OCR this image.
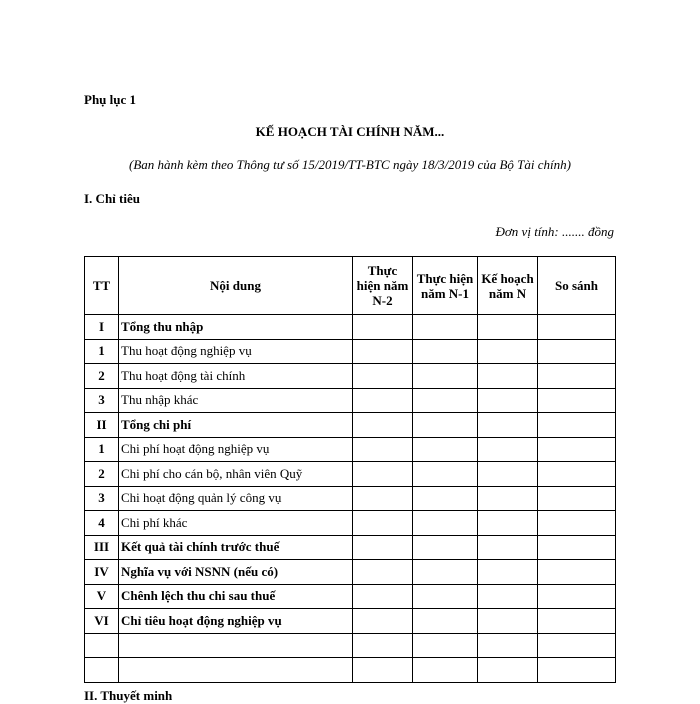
Phụ lục 1
KẾ HOẠCH TÀI CHÍNH NĂM...
(Ban hành kèm theo Thông tư số 15/2019/TT-BTC ngày 18/3/2019 của Bộ Tài chính)
I. Chỉ tiêu
Đơn vị tính: ....... đồng
TT	Nội dung	Thực hiện năm N-2	Thực hiện năm N-1	Kế hoạch năm N	So sánh
I	Tổng thu nhập				
1	Thu hoạt động nghiệp vụ				
2	Thu hoạt động tài chính				
3	Thu nhập khác				
II	Tổng chi phí				
1	Chi phí hoạt động nghiệp vụ				
2	Chi phí cho cán bộ, nhân viên Quỹ				
3	Chi hoạt động quản lý công vụ				
4	Chi phí khác				
III	Kết quả tài chính trước thuế				
IV	Nghĩa vụ với NSNN (nếu có)				
V	Chênh lệch thu chi sau thuế				
VI	Chỉ tiêu hoạt động nghiệp vụ				

II. Thuyết minh
